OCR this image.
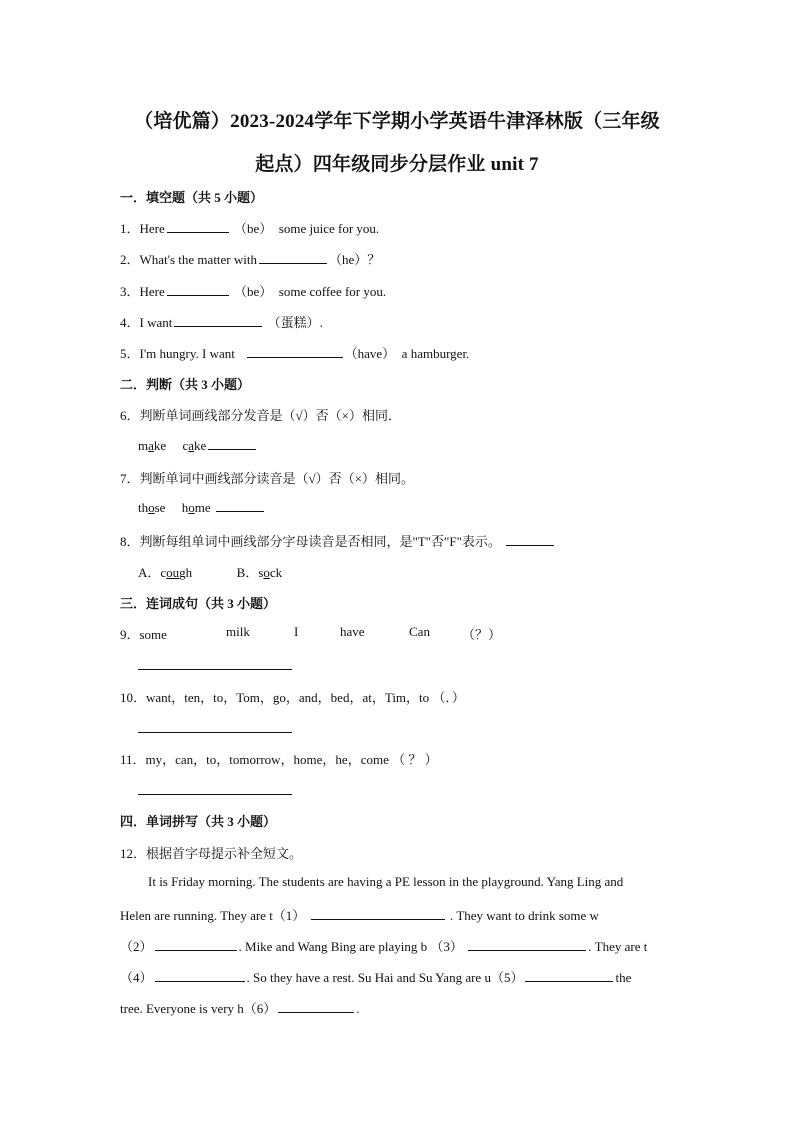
（培优篇）2023-2024学年下学期小学英语牛津泽林版（三年级
起点）四年级同步分层作业 unit 7
一．填空题（共 5 小题）
1．Here	（be） some juice for you.
2．What's the matter with	（he）？
3．Here	（be） some coffee for you.
4．I want	（蛋糕）.
5．I'm hungry. I want	（have） a hamburger.
二．判断（共 3 小题）
6．判断单词画线部分发音是（√）否（×）相同．
make cake
7．判断单词中画线部分读音是（√）否（×）相同。
those home
8．判断每组单词中画线部分字母读音是否相同，是"T"否"F"表示。
A．cough	B．sock
三．连词成句（共 3 小题）
9．some	milk	I	have	Can （？）
10．want，ten，to，Tom，go，and，bed，at，Tim，to （．）
11．my，can，to，tomorrow，home，he，come （ ？ ）
四．单词拼写（共 3 小题）
12．根据首字母提示补全短文。
It is Friday morning. The students are having a PE lesson in the playground. Yang Ling and
Helen are running. They are t（1）	. They want to drink some w
（2）	. Mike and Wang Bing are playing b （3）	. They are t
（4）	. So they have a rest. Su Hai and Su Yang are u（5）	the
tree. Everyone is very h（6）	.
